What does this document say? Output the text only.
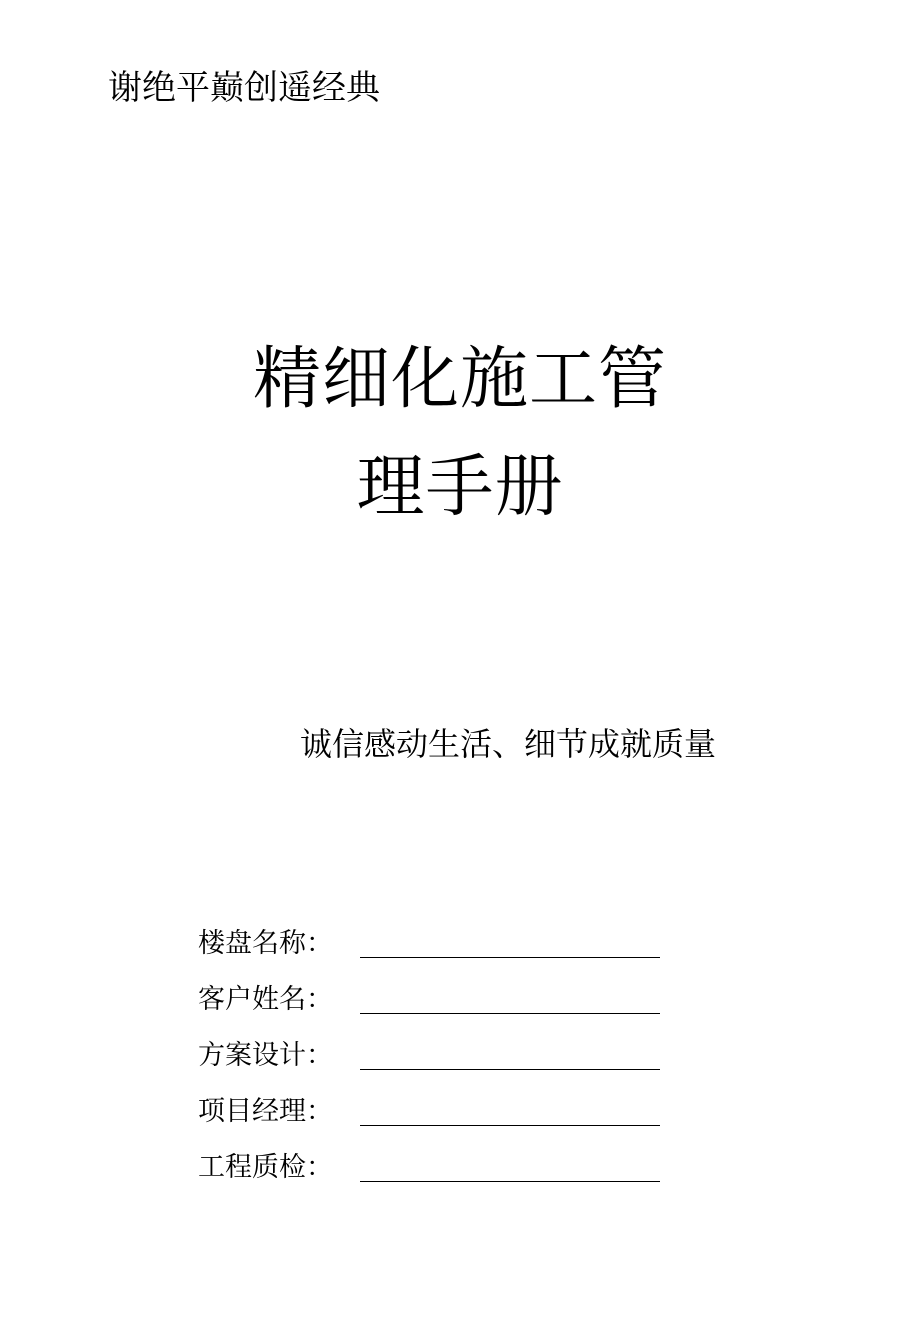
谢绝平巅创遥经典
精细化施工管
理手册
诚信感动生活、细节成就质量
楼盘名称：
客户姓名：
方案设计：
项目经理：
工程质检：
